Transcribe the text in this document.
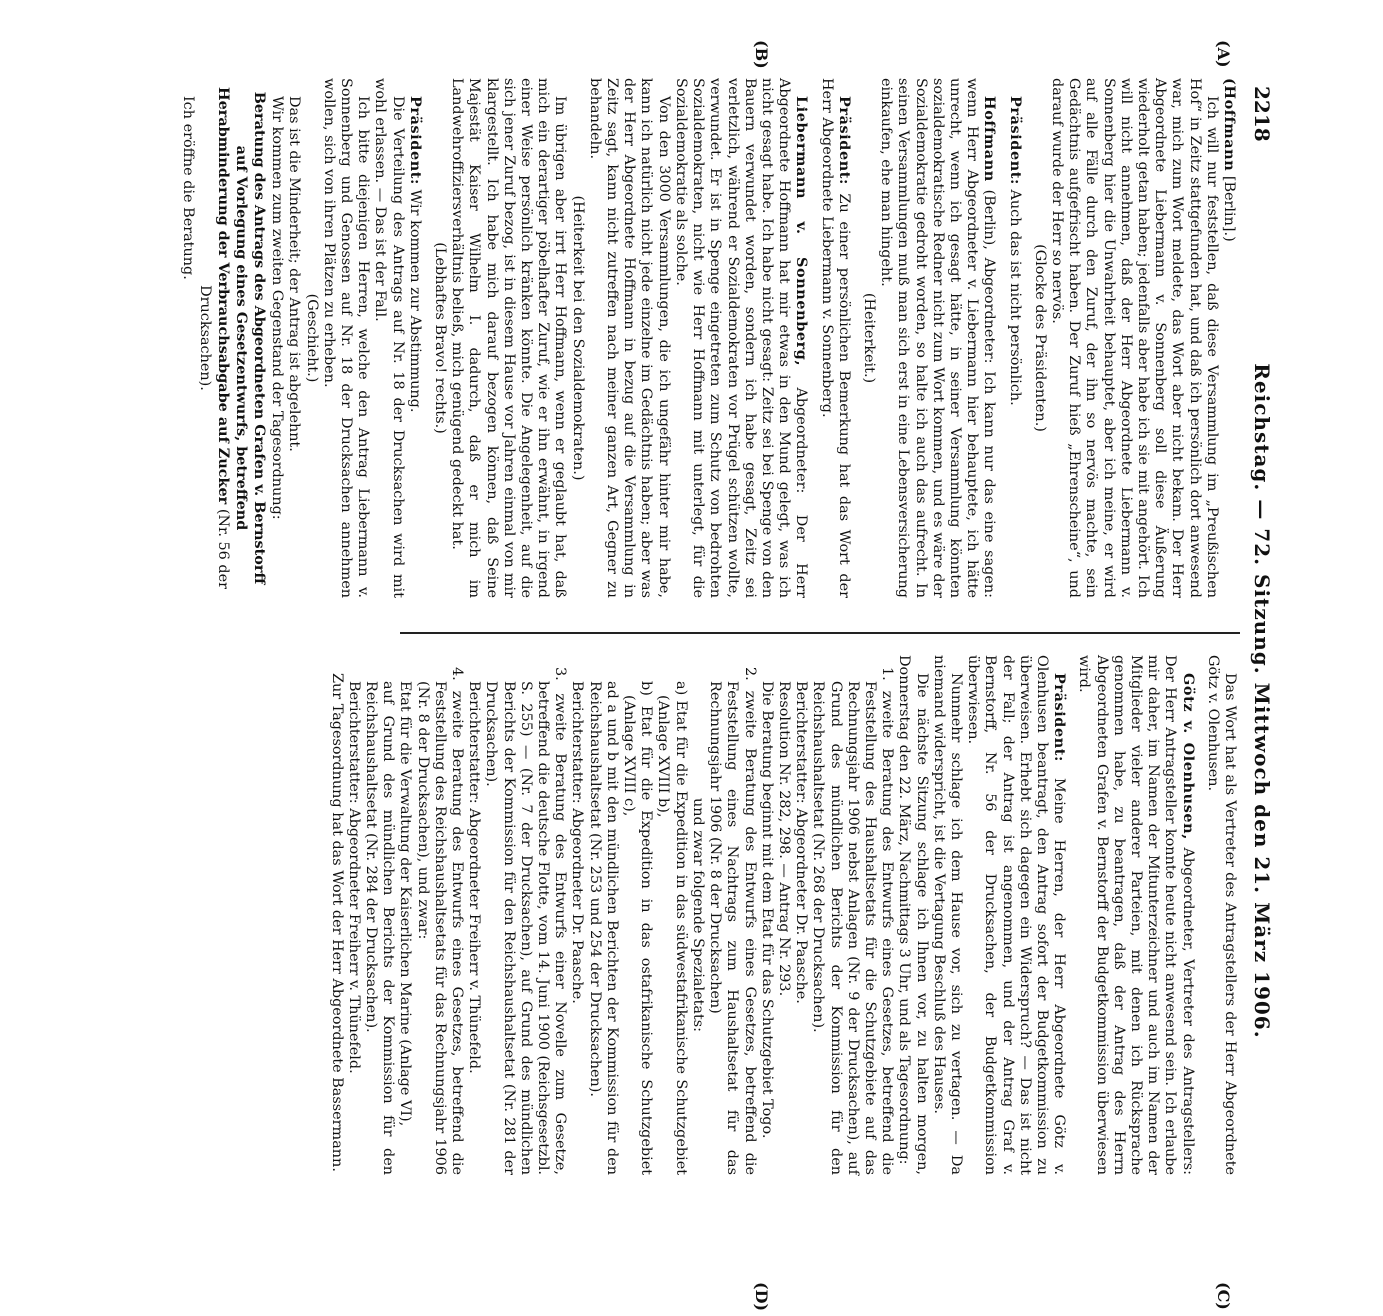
2218
Reichstag. — 72. Sitzung. Mittwoch den 21. März 1906.
(A)
(B)
(C)
(D)

(Hoffmann [Berlin].)

Ich will nur feststellen, daß diese Versammlung im „Preußischen Hof“ in Zeitz stattgefunden hat, und daß ich persönlich dort anwesend war, mich zum Wort meldete, das Wort aber nicht bekam. Der Herr Abgeordnete Liebermann v. Sonnenberg soll diese Äußerung wiederholt getan haben; jedenfalls aber habe ich sie mit angehört. Ich will nicht annehmen, daß der Herr Abgeordnete Liebermann v. Sonnenberg hier die Unwahrheit behauptet, aber ich meine, er wird auf alle Fälle durch den Zuruf, der ihn so nervös machte, sein Gedächtnis aufgefrischt haben. Der Zuruf hieß „Ehrenscheine“, und darauf wurde der Herr so nervös.

(Glocke des Präsidenten.)

Präsident: Auch das ist nicht persönlich.

Hoffmann (Berlin), Abgeordneter: Ich kann nur das eine sagen: wenn Herr Abgeordneter v. Liebermann hier behauptete, ich hätte unrecht, wenn ich gesagt hätte, in seiner Versammlung könnten sozialdemokratische Redner nicht zum Wort kommen, und es wäre der Sozialdemokratie gedroht worden, so halte ich auch das aufrecht. In seinen Versammlungen muß man sich erst in eine Lebensversicherung einkaufen, ehe man hingeht.

(Heiterkeit.)

Präsident: Zu einer persönlichen Bemerkung hat das Wort der Herr Abgeordnete Liebermann v. Sonnenberg.

Liebermann v. Sonnenberg, Abgeordneter: Der Herr Abgeordnete Hoffmann hat mir etwas in den Mund gelegt, was ich nicht gesagt habe. Ich habe nicht gesagt: Zeitz sei bei Spenge von den Bauern verwundet worden, sondern ich habe gesagt, Zeitz sei verletzlich, während er Sozialdemokraten vor Prügel schützen wollte, verwundet. Er ist in Spenge eingetreten zum Schutz von bedrohten Sozialdemokraten, nicht wie Herr Hoffmann mit unterlegt, für die Sozialdemokratie als solche.

Von den 3000 Versammlungen, die ich ungefähr hinter mir habe, kann ich natürlich nicht jede einzelne im Gedächtnis haben; aber was der Herr Abgeordnete Hoffmann in bezug auf die Versammlung in Zeitz sagt, kann nicht zutreffen nach meiner ganzen Art, Gegner zu behandeln.

(Heiterkeit bei den Sozialdemokraten.)

Im übrigen aber irrt Herr Hoffmann, wenn er geglaubt hat, daß mich ein derartiger pöbelhafter Zuruf, wie er ihn erwähnt, in irgend einer Weise persönlich kränken könnte. Die Angelegenheit, auf die sich jener Zuruf bezog, ist in diesem Hause vor Jahren einmal von mir klargestellt. Ich habe mich darauf bezogen können, daß Seine Majestät Kaiser Wilhelm I. dadurch, daß er mich im Landwehroffiziersverhältnis beließ, mich genügend gedeckt hat.

(Lebhaftes Bravo! rechts.)

Präsident: Wir kommen zur Abstimmung.

Die Verteilung des Antrags auf Nr. 18 der Drucksachen wird mit wohl erlassen. — Das ist der Fall.

Ich bitte diejenigen Herren, welche den Antrag Liebermann v. Sonnenberg und Genossen auf Nr. 18 der Drucksachen annehmen wollen, sich von ihren Plätzen zu erheben.

(Geschieht.)

Das ist die Minderheit; der Antrag ist abgelehnt.

Wir kommen zum zweiten Gegenstand der Tagesordnung:

Beratung des Antrags des Abgeordneten Grafen v. Bernstorff auf Vorlegung eines Gesetzentwurfs, betreffend Herabminderung der Verbrauchsabgabe auf Zucker (Nr. 56 der Drucksachen).

Ich eröffne die Beratung.

Das Wort hat als Vertreter des Antragstellers der Herr Abgeordnete Götz v. Olenhusen.

Götz v. Olenhusen, Abgeordneter, Vertreter des Antragstellers: Der Herr Antragsteller konnte heute nicht anwesend sein. Ich erlaube mir daher, im Namen der Mitunterzeichner und auch im Namen der Mitglieder vieler anderer Parteien, mit denen ich Rücksprache genommen habe, zu beantragen, daß der Antrag des Herrn Abgeordneten Grafen v. Bernstorff der Budgetkommission überwiesen wird.

Präsident: Meine Herren, der Herr Abgeordnete Götz v. Olenhusen beantragt, den Antrag sofort der Budgetkommission zu überweisen. Erhebt sich dagegen ein Widerspruch? — Das ist nicht der Fall; der Antrag ist angenommen, und der Antrag Graf v. Bernstorff, Nr. 56 der Drucksachen, der Budgetkommission überwiesen.

Nunmehr schlage ich dem Hause vor, sich zu vertagen. — Da niemand widerspricht, ist die Vertagung Beschluß des Hauses.

Die nächste Sitzung schlage ich Ihnen vor, zu halten morgen, Donnerstag den 22. März, Nachmittags 3 Uhr, und als Tagesordnung:

1. zweite Beratung des Entwurfs eines Gesetzes, betreffend die Feststellung des Haushaltsetats für die Schutzgebiete auf das Rechnungsjahr 1906 nebst Anlagen (Nr. 9 der Drucksachen), auf Grund des mündlichen Berichts der Kommission für den Reichshaushaltsetat (Nr. 268 der Drucksachen).

Berichterstatter: Abgeordneter Dr. Paasche.

Resolution Nr. 282, 298. — Antrag Nr. 293.

Die Beratung beginnt mit dem Etat für das Schutzgebiet Togo.

2. zweite Beratung des Entwurfs eines Gesetzes, betreffend die Feststellung eines Nachtrags zum Haushaltsetat für das Rechnungsjahr 1906 (Nr. 8 der Drucksachen)

und zwar folgende Spezialetats:

a) Etat für die Expedition in das südwestafrikanische Schutzgebiet (Anlage XVIII b),

b) Etat für die Expedition in das ostafrikanische Schutzgebiet (Anlage XVIII c),

ad a und b mit den mündlichen Berichten der Kommission für den Reichshaushaltsetat (Nr. 253 und 254 der Drucksachen).

Berichterstatter: Abgeordneter Dr. Paasche.

3. zweite Beratung des Entwurfs einer Novelle zum Gesetze, betreffend die deutsche Flotte, vom 14. Juni 1900 (Reichsgesetzbl. S. 255) — (Nr. 7 der Drucksachen), auf Grund des mündlichen Berichts der Kommission für den Reichshaushaltsetat (Nr. 281 der Drucksachen).

Berichterstatter: Abgeordneter Freiherr v. Thünefeld.

4. zweite Beratung des Entwurfs eines Gesetzes, betreffend die Feststellung des Reichshaushaltsetats für das Rechnungsjahr 1906 (Nr. 8 der Drucksachen), und zwar:

Etat für die Verwaltung der Kaiserlichen Marine (Anlage VI),

auf Grund des mündlichen Berichts der Kommission für den Reichshaushaltsetat (Nr. 284 der Drucksachen).

Berichterstatter: Abgeordneter Freiherr v. Thünefeld.

Zur Tagesordnung hat das Wort der Herr Abgeordnete Bassermann.
